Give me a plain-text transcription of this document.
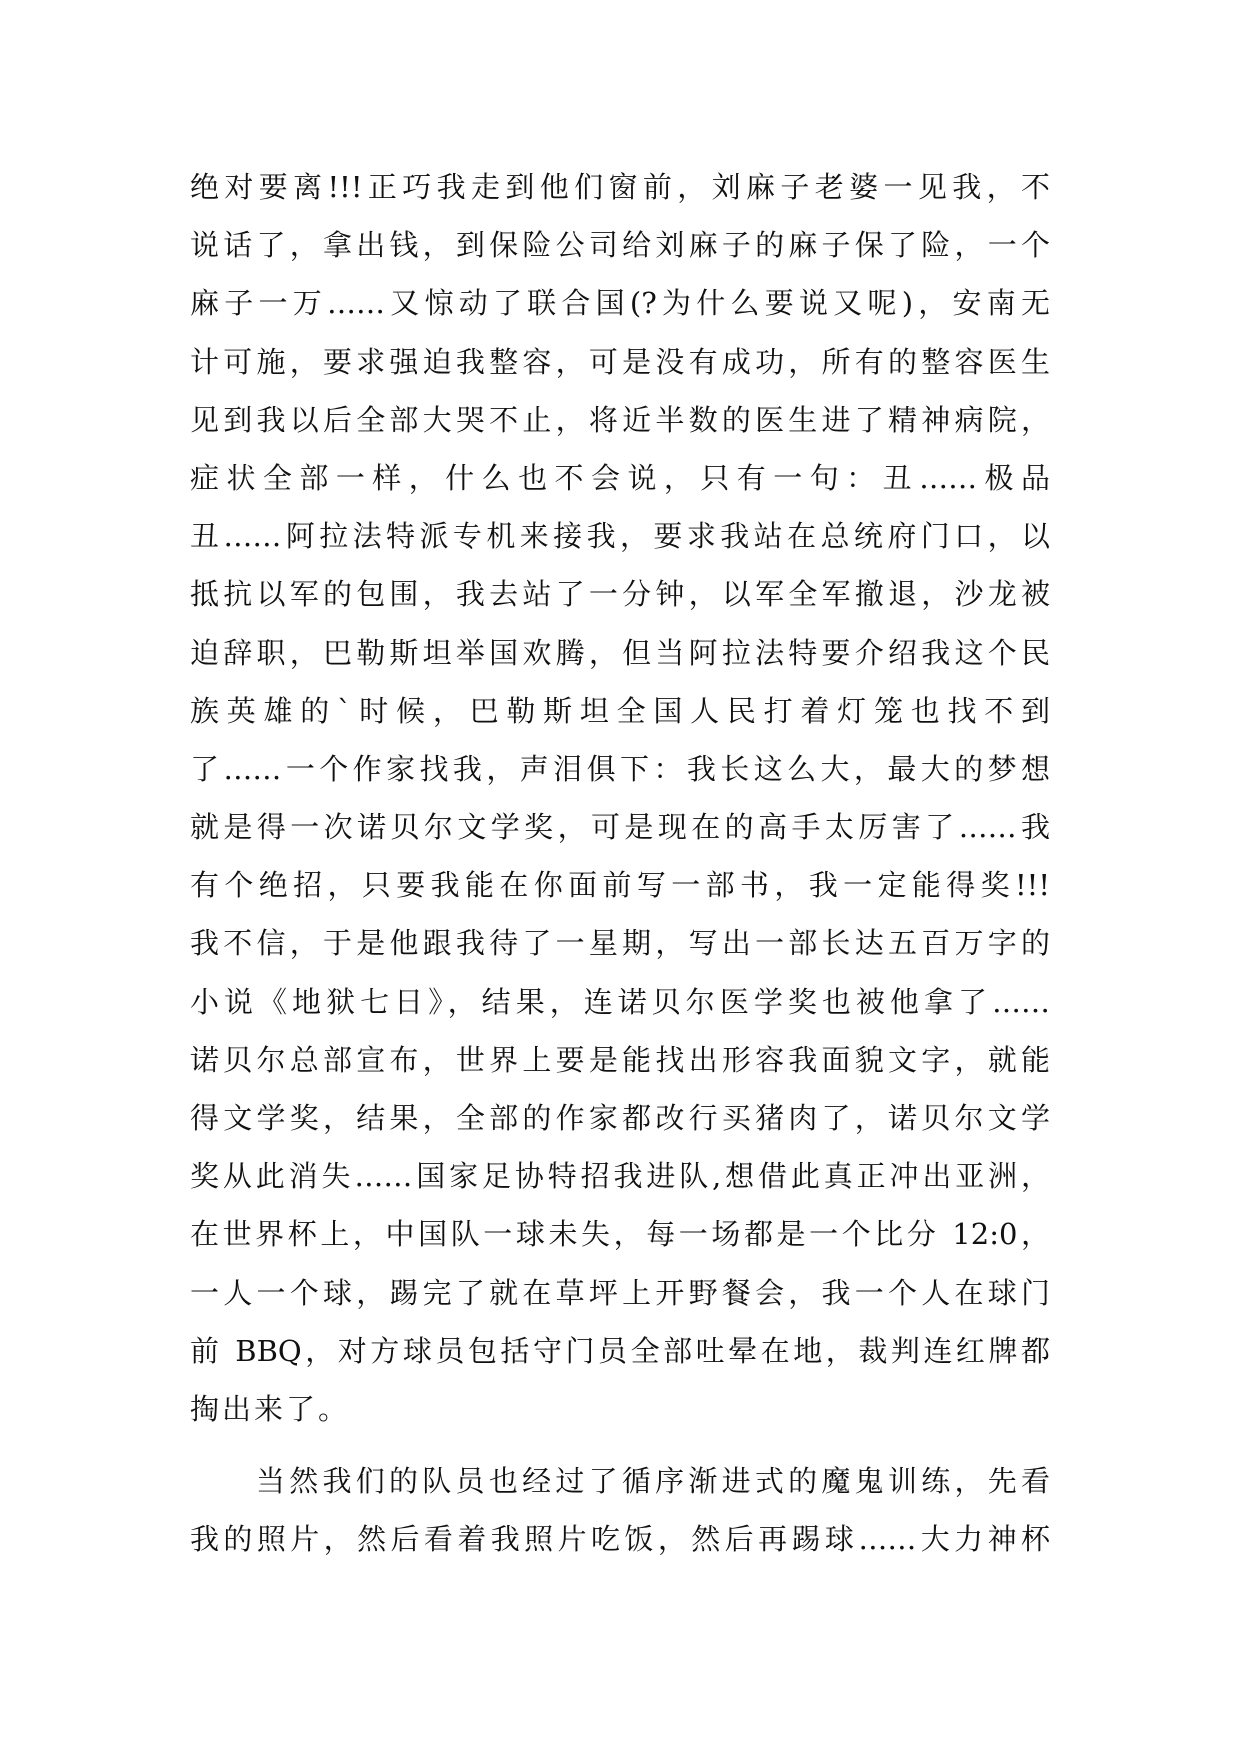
绝对要离!!!正巧我走到他们窗前，刘麻子老婆一见我，不
说话了，拿出钱，到保险公司给刘麻子的麻子保了险，一个
麻子一万……又惊动了联合国(?为什么要说又呢)，安南无
计可施，要求强迫我整容，可是没有成功，所有的整容医生
见到我以后全部大哭不止，将近半数的医生进了精神病院，
症状全部一样，什么也不会说，只有一句：丑……极品
丑……阿拉法特派专机来接我，要求我站在总统府门口，以
抵抗以军的包围，我去站了一分钟，以军全军撤退，沙龙被
迫辞职，巴勒斯坦举国欢腾，但当阿拉法特要介绍我这个民
族英雄的`时候，巴勒斯坦全国人民打着灯笼也找不到
了……一个作家找我，声泪俱下：我长这么大，最大的梦想
就是得一次诺贝尔文学奖，可是现在的高手太厉害了……我
有个绝招，只要我能在你面前写一部书，我一定能得奖!!!
我不信，于是他跟我待了一星期，写出一部长达五百万字的
小说《地狱七日》，结果，连诺贝尔医学奖也被他拿了……
诺贝尔总部宣布，世界上要是能找出形容我面貌文字，就能
得文学奖，结果，全部的作家都改行买猪肉了，诺贝尔文学
奖从此消失……国家足协特招我进队,想借此真正冲出亚洲，
在世界杯上，中国队一球未失，每一场都是一个比分 12:0，
一人一个球，踢完了就在草坪上开野餐会，我一个人在球门
前 BBQ，对方球员包括守门员全部吐晕在地，裁判连红牌都
掏出来了。
当然我们的队员也经过了循序渐进式的魔鬼训练，先看
我的照片，然后看着我照片吃饭，然后再踢球……大力神杯
